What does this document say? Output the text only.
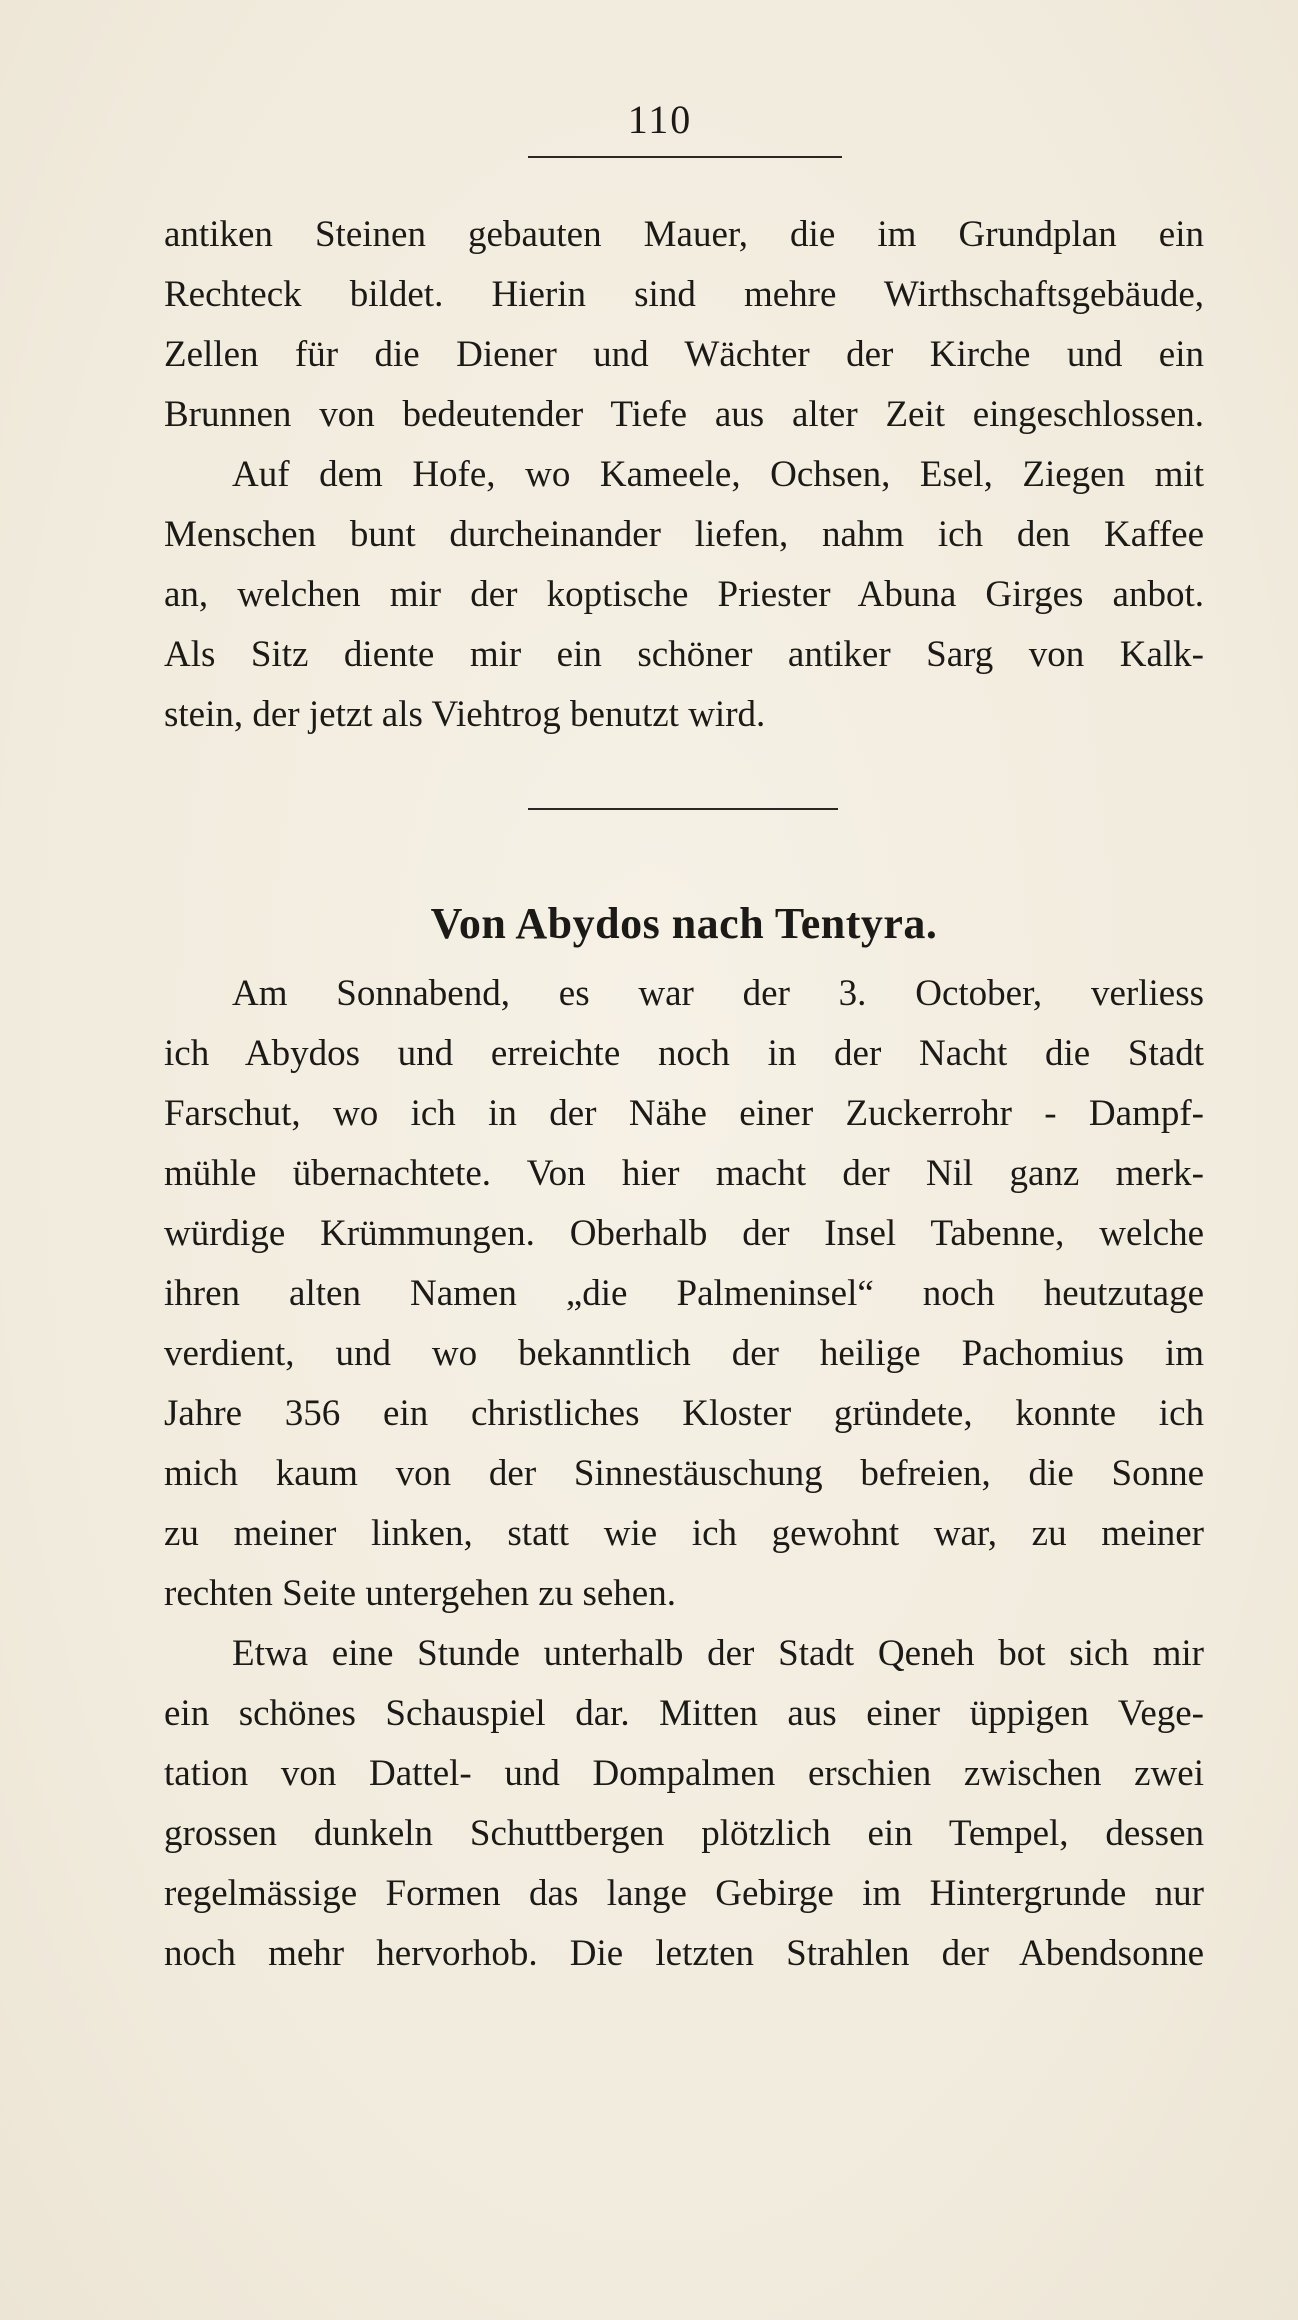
110
antiken Steinen gebauten Mauer, die im Grundplan ein
Rechteck bildet. Hierin sind mehre Wirthschaftsgebäude,
Zellen für die Diener und Wächter der Kirche und ein
Brunnen von bedeutender Tiefe aus alter Zeit eingeschlossen.
Auf dem Hofe, wo Kameele, Ochsen, Esel, Ziegen mit
Menschen bunt durcheinander liefen, nahm ich den Kaffee
an, welchen mir der koptische Priester Abuna Girges anbot.
Als Sitz diente mir ein schöner antiker Sarg von Kalk-
stein, der jetzt als Viehtrog benutzt wird.
Von Abydos nach Tentyra.
Am Sonnabend, es war der 3. October, verliess
ich Abydos und erreichte noch in der Nacht die Stadt
Farschut, wo ich in der Nähe einer Zuckerrohr - Dampf-
mühle übernachtete. Von hier macht der Nil ganz merk-
würdige Krümmungen. Oberhalb der Insel Tabenne, welche
ihren alten Namen „die Palmeninsel“ noch heutzutage
verdient, und wo bekanntlich der heilige Pachomius im
Jahre 356 ein christliches Kloster gründete, konnte ich
mich kaum von der Sinnestäuschung befreien, die Sonne
zu meiner linken, statt wie ich gewohnt war, zu meiner
rechten Seite untergehen zu sehen.
Etwa eine Stunde unterhalb der Stadt Qeneh bot sich mir
ein schönes Schauspiel dar. Mitten aus einer üppigen Vege-
tation von Dattel- und Dompalmen erschien zwischen zwei
grossen dunkeln Schuttbergen plötzlich ein Tempel, dessen
regelmässige Formen das lange Gebirge im Hintergrunde nur
noch mehr hervorhob. Die letzten Strahlen der Abendsonne
